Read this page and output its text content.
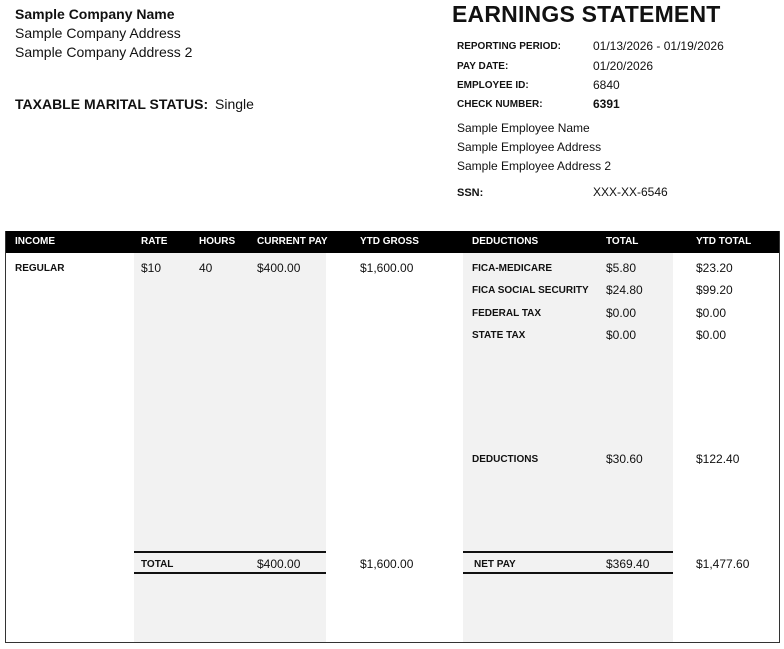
Sample Company Name
Sample Company Address
Sample Company Address 2
TAXABLE MARITAL STATUS: Single
EARNINGS STATEMENT
REPORTING PERIOD:	01/13/2026 - 01/19/2026
PAY DATE:	01/20/2026
EMPLOYEE ID:	6840
CHECK NUMBER:	6391
Sample Employee Name
Sample Employee Address
Sample Employee Address 2
SSN:	XXX-XX-6546
INCOME	RATE	HOURS CURRENT PAY	YTD GROSS	DEDUCTIONS	TOTAL	YTD TOTAL
REGULAR	$10	40	$400.00	$1,600.00	FICA-MEDICARE	$5.80	$23.20
FICA SOCIAL SECURITY $24.80	$99.20
FEDERAL TAX	$0.00	$0.00
STATE TAX	$0.00	$0.00
DEDUCTIONS	$30.60	$122.40
TOTAL	$400.00	$1,600.00	NET PAY	$369.40	$1,477.60
